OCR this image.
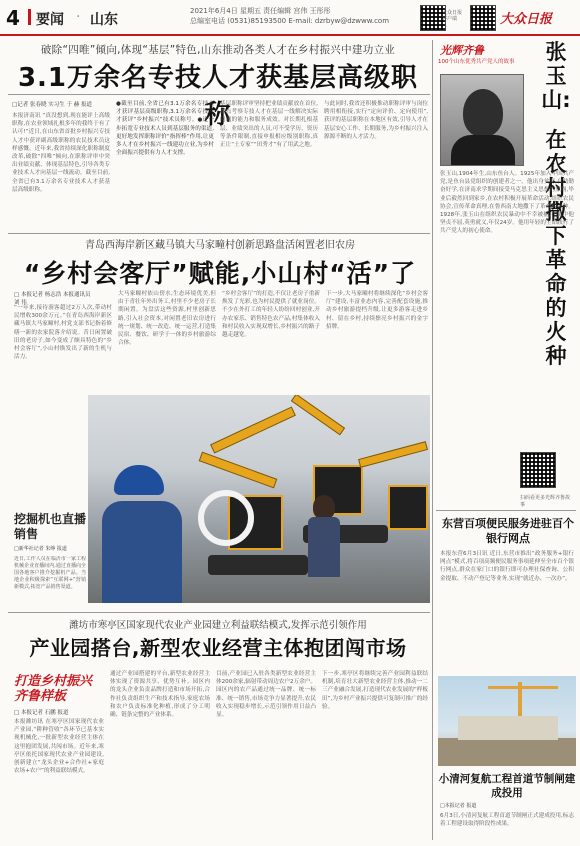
4 要闻 · 山东
2021年6月4日 星期五 责任编辑 宫伟 王彤彤
总编室电话 (0531)85193500 E-mail: dzrbyw@dzwww.com
大众日报客户端	大众日报
破除“四唯”倾向,体现“基层”特色,山东推动各类人才在乡村振兴中建功立业
3.1万余名专技人才获基层高级职称
□记者 张春晓 实习生 于 赫 报道
本报济南讯 “真没想到,现在能评上高级职称,在农业领域扎根多年的我终于有了认可!”近日,在山东省首批乡村振兴专技人才中获评副高级职称的农民技术员这样感慨。近年来,我省持续深化职称制度改革,破除“四唯”倾向,在职称评审中突出业绩贡献、体现基层特色,引导各类专业技术人才向基层一线流动。截至目前,全省已有3.1万余名专业技术人才获基层高级职称。
●截至目前,全省已有3.1万余名专技人才获评基层高级职称,3.1万余名专技人才获评“乡村振兴”技术员称号。●进一步拓宽专业技术人员到基层服务的渠道,更好地发挥职称评价“指挥棒”作用,让更多人才在乡村振兴一线建功立业,为乡村全面振兴提供有力人才支撑。
基层职称评审坚持把业绩贡献放在首位,重点考察专技人才在基层一线解决实际问题的能力和服务成效。对长期扎根基层、业绩突出的人员,可不受学历、资历等条件限制,直接申报相应级别职称,真正让“土专家”“田秀才”有了用武之地。
与此同时,我省还积极推动职称评审与岗位聘用相衔接,实行“定向评价、定向使用”,获评的基层职称在本地区有效,引导人才在基层安心工作、长期服务,为乡村振兴注入源源不断的人才活力。
青岛西海岸新区藏马镇大马家疃村创新思路盘活闲置老旧农房
“乡村会客厅”赋能,小山村“活”了
□ 本报记者 杨志浩 本报通讯员 刘 伟
“一年来,接待游客超过2万人次,带动村民增收300余万元。”在青岛西海岸新区藏马镇大马家疃村,村党支部书记指着修缮一新的农家院落介绍说。昔日闲置破旧的老房子,如今变成了颇具特色的“乡村会客厅”,小山村焕发出了新的生机与活力。
大马家疃村依山傍水,生态环境优美,但由于青壮年外出务工,村里不少老房子长期闲置。为盘活这些资源,村里创新思路,引入社会资本,对闲置老旧农房进行统一规划、统一改造、统一运营,打造集民宿、餐饮、研学于一体的乡村旅游综合体。
“乡村会客厅”的打造,不仅让老房子重新焕发了光彩,也为村民提供了就业岗位。不少在外打工的年轻人纷纷回村创业,开办农家乐、销售特色农产品,村集体收入和村民收入实现双增长,乡村振兴的路子越走越宽。
下一步,大马家疃村将继续深化“乡村会客厅”建设,丰富业态内容,完善配套设施,推动乡村旅游提档升级,让更多游客走进乡村、留在乡村,持续擦亮乡村振兴的金字招牌。
挖掘机也直播销售
□新华社记者 朱峥 报道
近日,工作人员在临沂市一家工程机械企业直播间内,通过直播向全国各地客户推介挖掘机产品。当地企业积极探索“互联网+”营销新模式,拓宽产品销售渠道。
潍坊市寒亭区国家现代农业产业园建立利益联结模式,发挥示范引领作用
产业园搭台,新型农业经营主体抱团闯市场
打造乡村振兴齐鲁样板
□ 本报记者 石鹏 报道
本报潍坊讯 在寒亭区国家现代农业产业园,“耕种管收”各环节已基本实现机械化,一批新型农业经营主体在这里抱团发展,共闯市场。近年来,寒亭区依托国家现代农业产业园建设,创新建立“龙头企业+合作社+家庭农场+农户”的利益联结模式。
通过产业园搭建的平台,新型农业经营主体实现了资源共享、优势互补。园区内的龙头企业负责品牌打造和市场开拓,合作社负责组织生产和技术指导,家庭农场和农户负责标准化种植,形成了分工明确、链条完整的产业体系。
目前,产业园已入驻各类新型农业经营主体200余家,辐射带动周边农户2万余户。园区内的农产品通过统一品牌、统一标准、统一销售,市场竞争力显著提升,农民收入实现稳步增长,示范引领作用日益凸显。
下一步,寒亭区将继续完善产业园利益联结机制,培育壮大新型农业经营主体,推动一二三产业融合发展,打造现代农业发展的“样板田”,为乡村产业振兴提供可复制可推广的经验。
光辉齐鲁
100个山东优秀共产党人的故事	张玉山:
在农村撒下革命的火种
张玉山,1904年生,山东鱼台人。1925年加入中国共产党,是鱼台县党组织的创建者之一。他出身贫寒,自幼勤奋好学,在济南求学期间接受马克思主义思想的熏陶,毕业后毅然回到家乡,在农村积极开展革命活动,组织农民协会,宣传革命真理,在鲁西南大地撒下了革命的火种。1928年,张玉山在组织农民暴动中不幸被捕,在狱中他坚贞不屈,英勇就义,年仅24岁。他用年轻的生命践行了共产党人的初心使命。
扫码看更多光辉齐鲁故事
东营百项便民服务进驻百个银行网点
本报东营6月3日讯 近日,东营市推出“政务服务+银行网点”模式,将百项高频便民服务事项延伸至全市百个银行网点,群众在家门口的银行即可办理社保查询、公积金提取、不动产登记等业务,实现“就近办、一次办”。
小清河复航工程首道节制闸建成投用
□本报记者 报道
6月3日,小清河复航工程首道节制闸正式建成投用,标志着工程建设取得阶段性成果。
